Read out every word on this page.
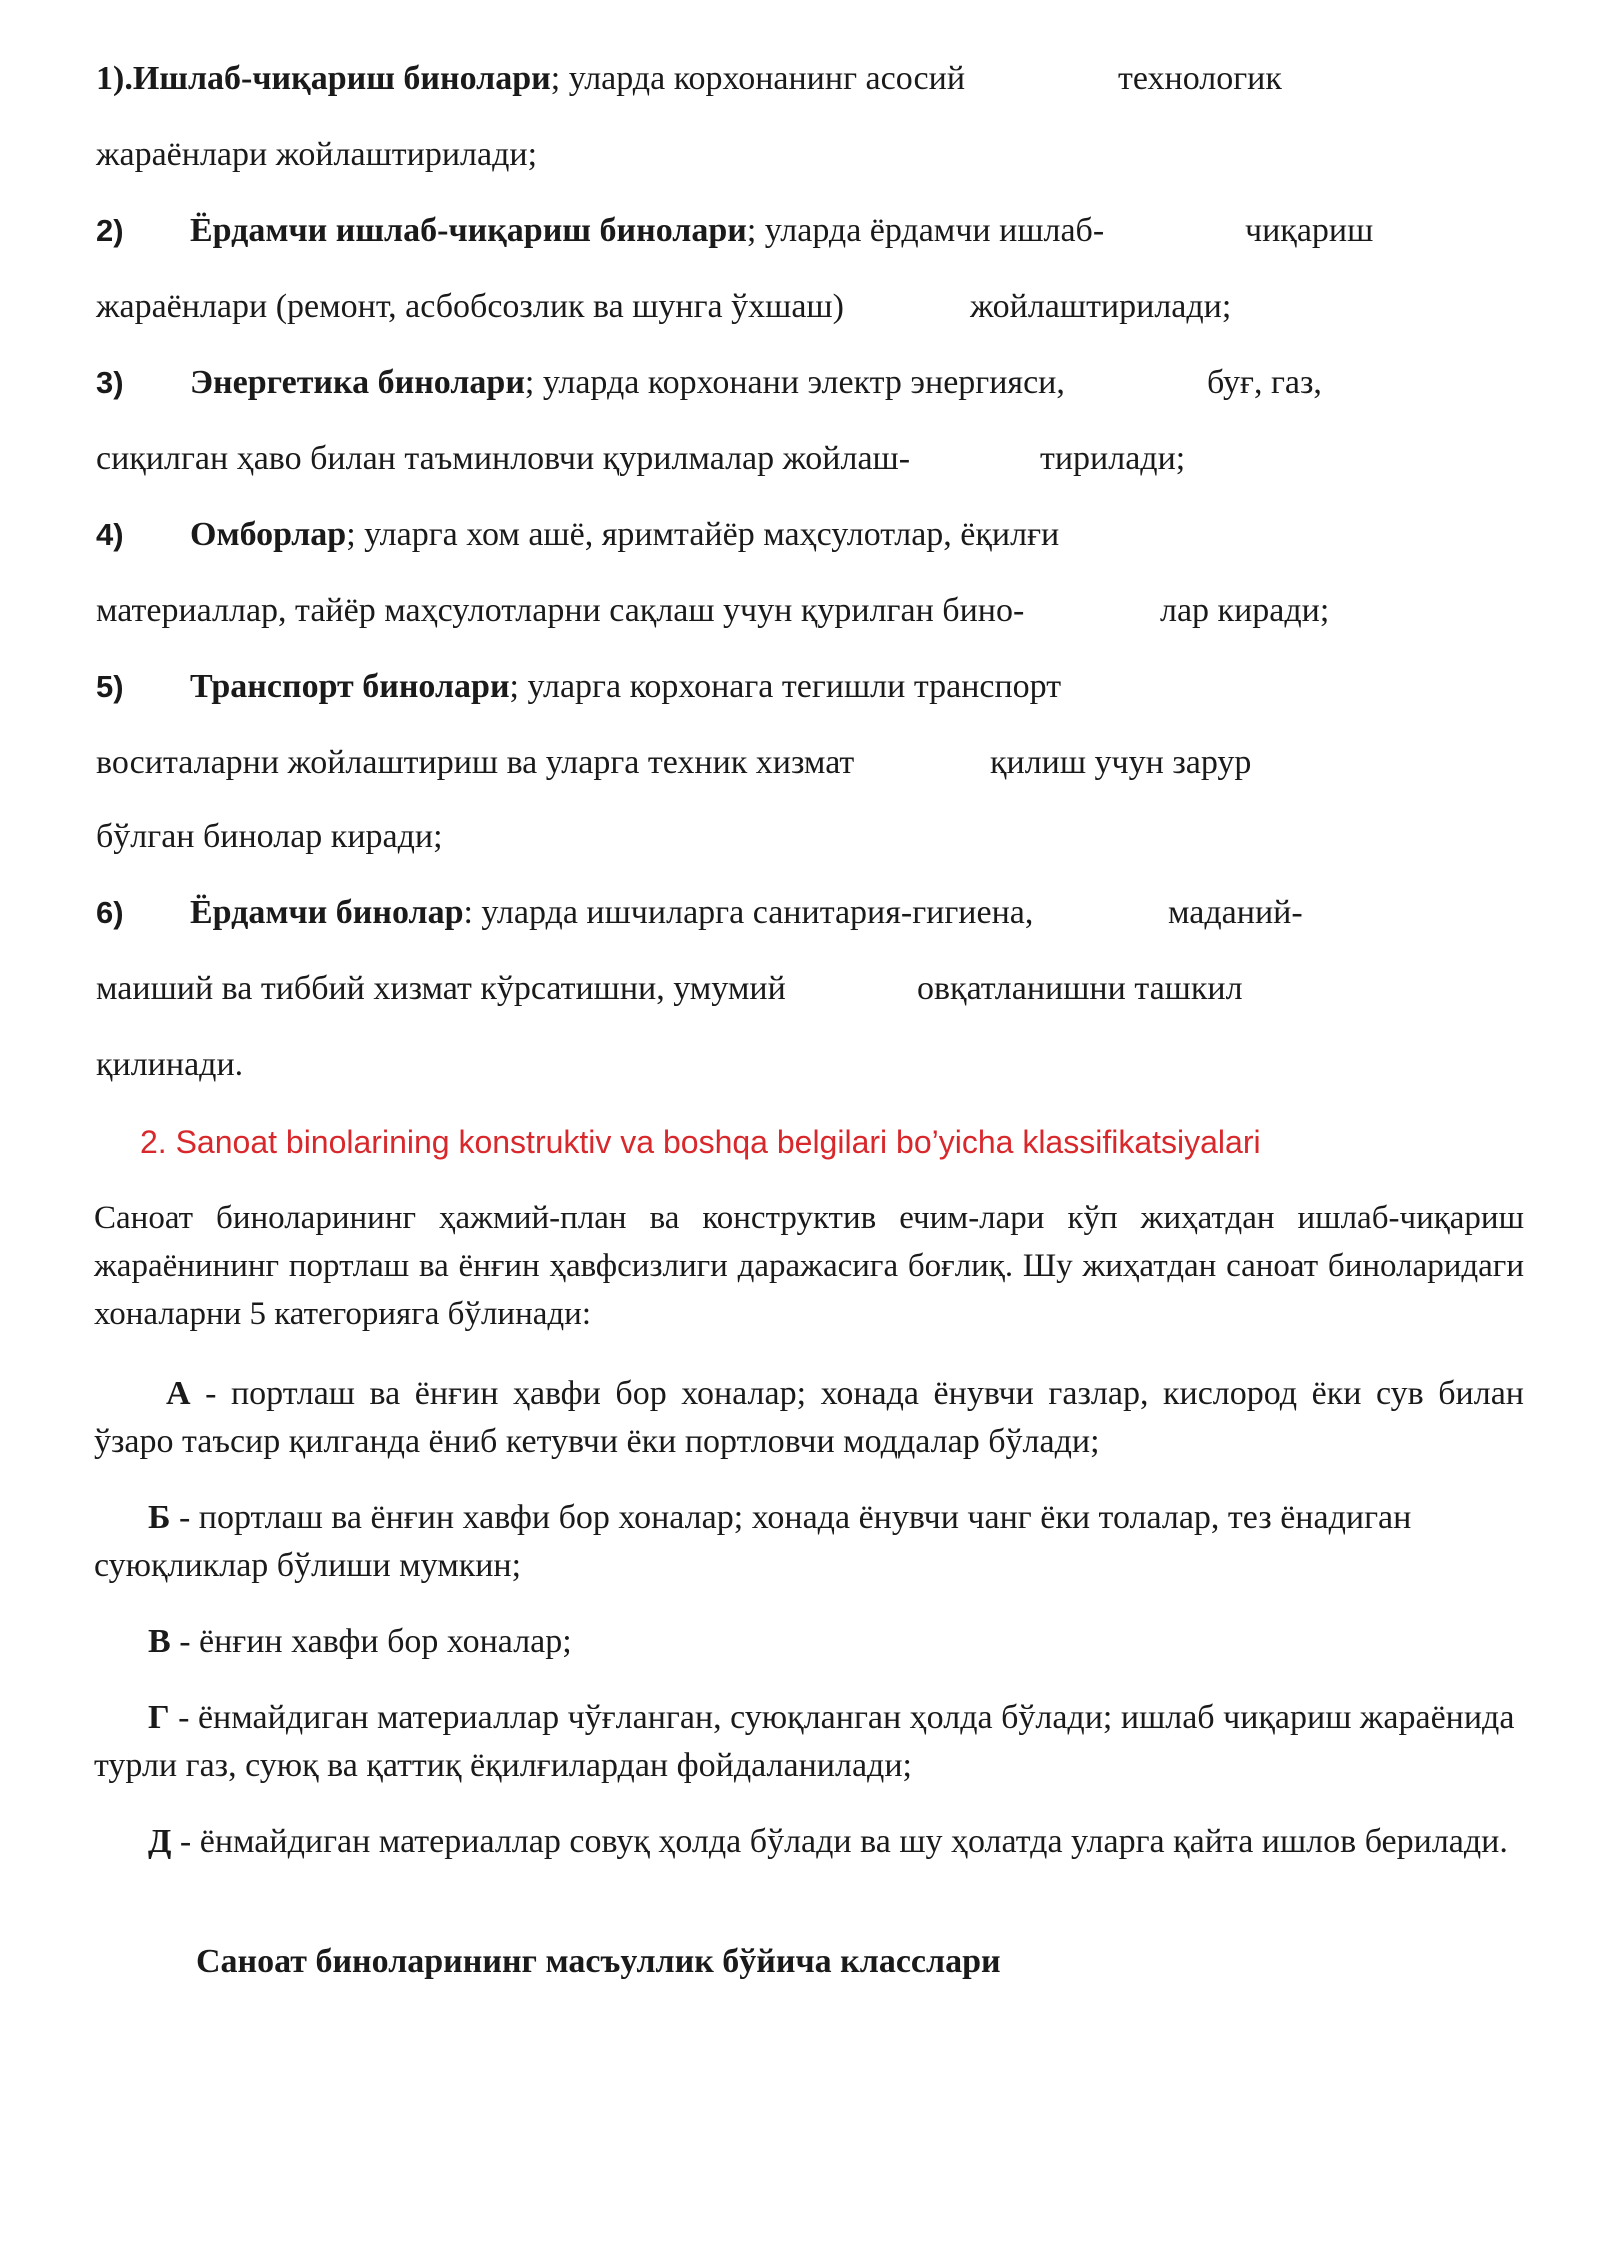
1).Ишлаб-чиқариш бинолари; уларда корхонанинг асосий	технологик
жараёнлари жойлаштирилади;
2) Ёрдамчи ишлаб-чиқариш бинолари; уларда ёрдамчи ишлаб-	чиқариш
жараёнлари (ремонт, асбобсозлик ва шунга ўхшаш)	жойлаштирилади;
3) Энергетика бинолари; уларда корхонани электр энергияси,	буғ, газ,
сиқилган ҳаво билан таъминловчи қурилмалар жойлаш-	тирилади;
4) Омборлар; уларга хом ашё, яримтайёр маҳсулотлар, ёқилғи
материаллар, тайёр маҳсулотларни сақлаш учун қурилган бино-	лар киради;
5) Транспорт бинолари; уларга корхонага тегишли транспорт
воситаларни жойлаштириш ва уларга техник хизмат	қилиш учун зарур
бўлган бинолар киради;
6) Ёрдамчи бинолар: уларда ишчиларга санитария-гигиена,	маданий-
маиший ва тиббий хизмат кўрсатишни, умумий	овқатланишни ташкил
қилинади.
2. Sanoat binolarining konstruktiv va boshqa belgilari bo’yicha klassifikatsiyalari
Саноат биноларининг ҳажмий-план ва конструктив ечим-лари кўп жиҳатдан ишлаб-чиқариш жараёнининг портлаш ва ёнғин ҳавфсизлиги даражасига боғлиқ. Шу жиҳатдан саноат биноларидаги хоналарни 5 категорияга бўлинади:
А - портлаш ва ёнғин ҳавфи бор хоналар; хонада ёнувчи газлар, кислород ёки сув билан ўзаро таъсир қилганда ёниб кетувчи ёки портловчи моддалар бўлади;
Б - портлаш ва ёнғин хавфи бор хоналар; хонада ёнувчи чанг ёки толалар, тез ёнадиган суюқликлар бўлиши мумкин;
В - ёнғин хавфи бор хоналар;
Г - ёнмайдиган материаллар чўғланган, суюқланган ҳолда бўлади; ишлаб чиқариш жараёнида турли газ, суюқ ва қаттиқ ёқилғилардан фойдаланилади;
Д - ёнмайдиган материаллар совуқ ҳолда бўлади ва шу ҳолатда уларга қайта ишлов берилади.
Саноат биноларининг масъуллик бўйича класслари
